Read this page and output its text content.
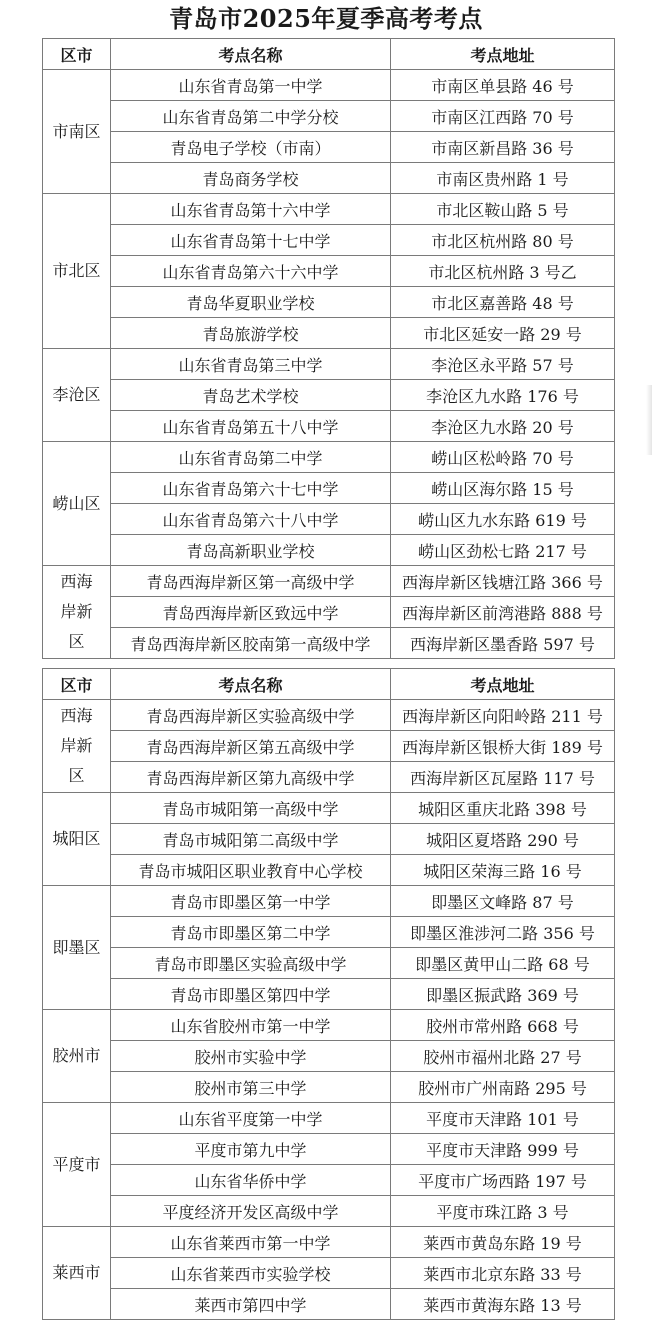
青岛市2025年夏季高考考点
区市	考点名称	考点地址
市南区	山东省青岛第一中学	市南区单县路 46 号
	山东省青岛第二中学分校	市南区江西路 70 号
	青岛电子学校（市南）	市南区新昌路 36 号
	青岛商务学校	市南区贵州路 1 号
市北区	山东省青岛第十六中学	市北区鞍山路 5 号
	山东省青岛第十七中学	市北区杭州路 80 号
	山东省青岛第六十六中学	市北区杭州路 3 号乙
	青岛华夏职业学校	市北区嘉善路 48 号
	青岛旅游学校	市北区延安一路 29 号
李沧区	山东省青岛第三中学	李沧区永平路 57 号
	青岛艺术学校	李沧区九水路 176 号
	山东省青岛第五十八中学	李沧区九水路 20 号
崂山区	山东省青岛第二中学	崂山区松岭路 70 号
	山东省青岛第六十七中学	崂山区海尔路 15 号
	山东省青岛第六十八中学	崂山区九水东路 619 号
	青岛高新职业学校	崂山区劲松七路 217 号
西海岸新区	青岛西海岸新区第一高级中学	西海岸新区钱塘江路 366 号
	青岛西海岸新区致远中学	西海岸新区前湾港路 888 号
	青岛西海岸新区胶南第一高级中学	西海岸新区墨香路 597 号
区市	考点名称	考点地址
西海岸新区	青岛西海岸新区实验高级中学	西海岸新区向阳岭路 211 号
	青岛西海岸新区第五高级中学	西海岸新区银桥大街 189 号
	青岛西海岸新区第九高级中学	西海岸新区瓦屋路 117 号
城阳区	青岛市城阳第一高级中学	城阳区重庆北路 398 号
	青岛市城阳第二高级中学	城阳区夏塔路 290 号
	青岛市城阳区职业教育中心学校	城阳区荣海三路 16 号
即墨区	青岛市即墨区第一中学	即墨区文峰路 87 号
	青岛市即墨区第二中学	即墨区淮涉河二路 356 号
	青岛市即墨区实验高级中学	即墨区黄甲山二路 68 号
	青岛市即墨区第四中学	即墨区振武路 369 号
胶州市	山东省胶州市第一中学	胶州市常州路 668 号
	胶州市实验中学	胶州市福州北路 27 号
	胶州市第三中学	胶州市广州南路 295 号
平度市	山东省平度第一中学	平度市天津路 101 号
	平度市第九中学	平度市天津路 999 号
	山东省华侨中学	平度市广场西路 197 号
	平度经济开发区高级中学	平度市珠江路 3 号
莱西市	山东省莱西市第一中学	莱西市黄岛东路 19 号
	山东省莱西市实验学校	莱西市北京东路 33 号
	莱西市第四中学	莱西市黄海东路 13 号
